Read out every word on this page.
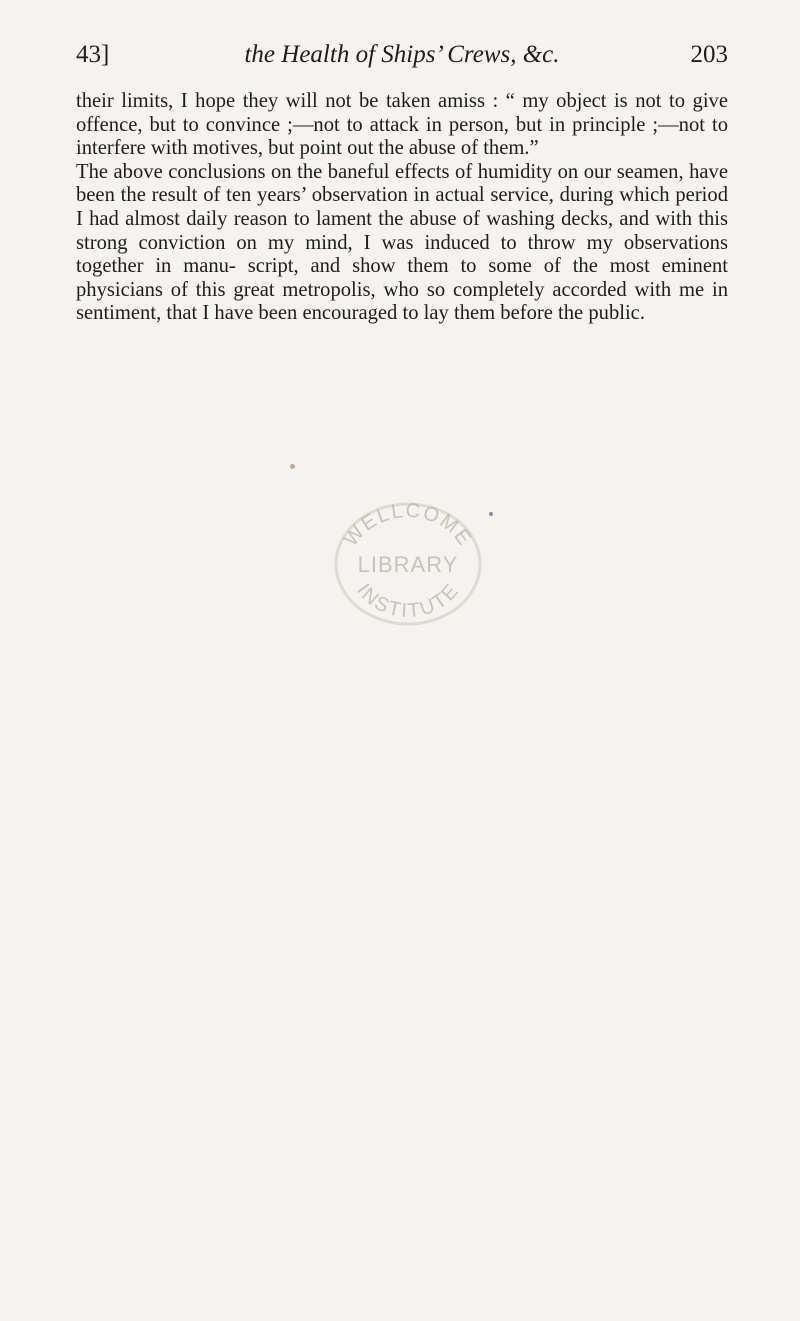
43]	the Health of Ships’ Crews, &c.	203

their limits, I hope they will not be taken amiss : “ my object is not to give offence, but to convince ;—not to attack in person, but in principle ;—not to interfere with motives, but point out the abuse of them.”

The above conclusions on the baneful effects of humidity on our seamen, have been the result of ten years’ observation in actual service, during which period I had almost daily reason to lament the abuse of washing decks, and with this strong conviction on my mind, I was induced to throw my observations together in manu- script, and show them to some of the most eminent physicians of this great metropolis, who so completely accorded with me in sentiment, that I have been encouraged to lay them before the public.

WELLCOME
LIBRARY
INSTITUTE
